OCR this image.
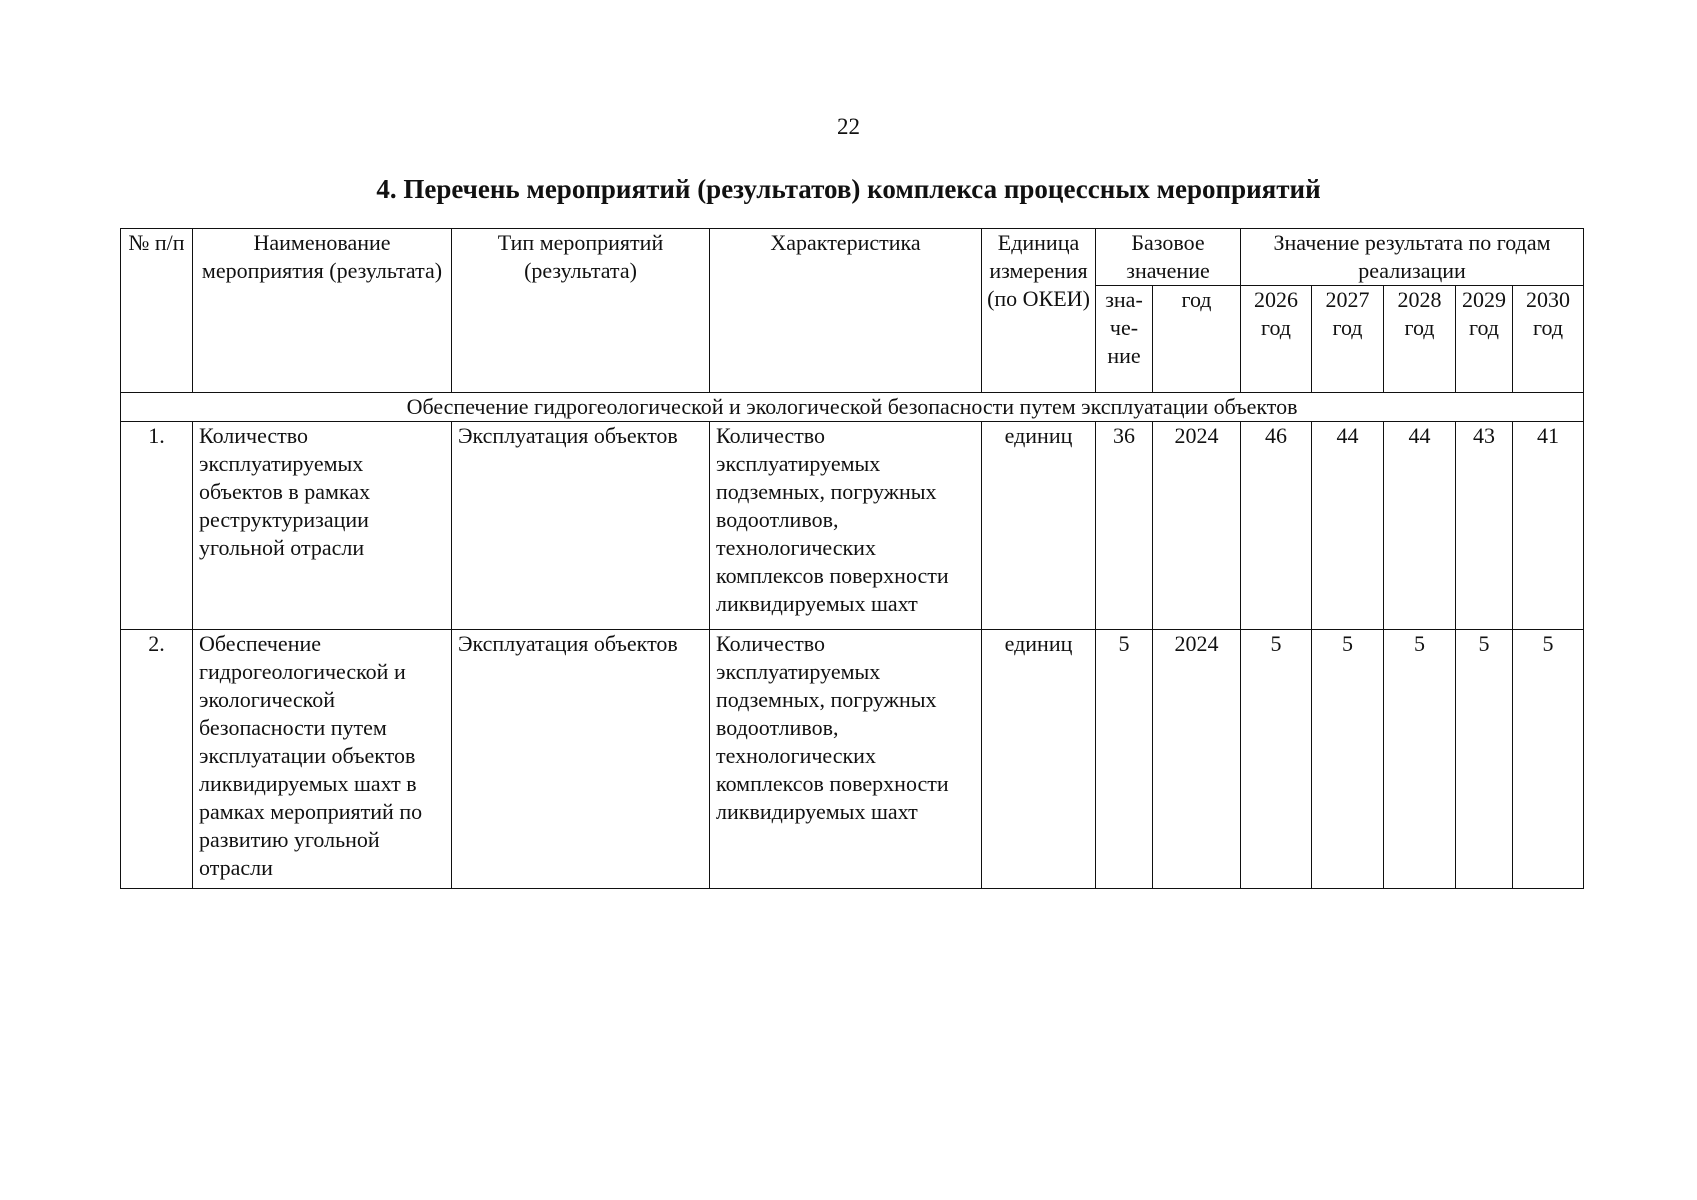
22
4. Перечень мероприятий (результатов) комплекса процессных мероприятий
№ п/п	Наименование мероприятия (результата)	Тип мероприятий (результата)	Характеристика	Единица измерения (по ОКЕИ)	Базовое значение		Значение результата по годам реализации				
					зна-че-ние	год	2026 год	2027 год	2028 год	2029 год	2030 год
Обеспечение гидрогеологической и экологической безопасности путем эксплуатации объектов											
1.	Количество эксплуатируемых объектов в рамках реструктуризации угольной отрасли	Эксплуатация объектов	Количество эксплуатируемых подземных, погружных водоотливов, технологических комплексов поверхности ликвидируемых шахт	единиц	36	2024	46	44	44	43	41
2.	Обеспечение гидрогеологической и экологической безопасности путем эксплуатации объектов ликвидируемых шахт в рамках мероприятий по развитию угольной отрасли	Эксплуатация объектов	Количество эксплуатируемых подземных, погружных водоотливов, технологических комплексов поверхности ликвидируемых шахт	единиц	5	2024	5	5	5	5	5
